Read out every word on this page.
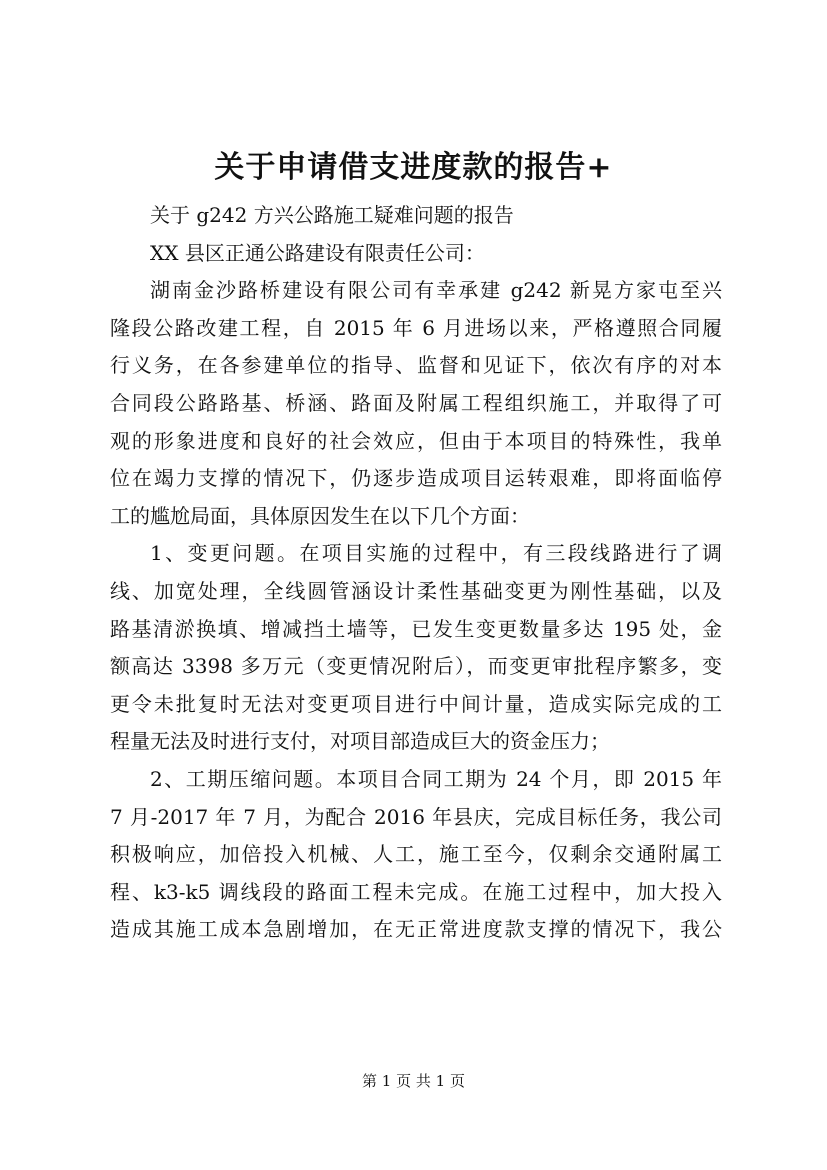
关于申请借支进度款的报告+
关于 g242 方兴公路施工疑难问题的报告
XX 县区正通公路建设有限责任公司：
湖南金沙路桥建设有限公司有幸承建 g242 新晃方家屯至兴
隆段公路改建工程，自 2015 年 6 月进场以来，严格遵照合同履
行义务，在各参建单位的指导、监督和见证下，依次有序的对本
合同段公路路基、桥涵、路面及附属工程组织施工，并取得了可
观的形象进度和良好的社会效应，但由于本项目的特殊性，我单
位在竭力支撑的情况下，仍逐步造成项目运转艰难，即将面临停
工的尴尬局面，具体原因发生在以下几个方面：
1、变更问题。在项目实施的过程中，有三段线路进行了调
线、加宽处理，全线圆管涵设计柔性基础变更为刚性基础，以及
路基清淤换填、增减挡土墙等，已发生变更数量多达 195 处，金
额高达 3398 多万元（变更情况附后），而变更审批程序繁多，变
更令未批复时无法对变更项目进行中间计量，造成实际完成的工
程量无法及时进行支付，对项目部造成巨大的资金压力；
2、工期压缩问题。本项目合同工期为 24 个月，即 2015 年
7 月-2017 年 7 月，为配合 2016 年县庆，完成目标任务，我公司
积极响应，加倍投入机械、人工，施工至今，仅剩余交通附属工
程、k3-k5 调线段的路面工程未完成。在施工过程中，加大投入
造成其施工成本急剧增加，在无正常进度款支撑的情况下，我公
第 1 页 共 1 页
